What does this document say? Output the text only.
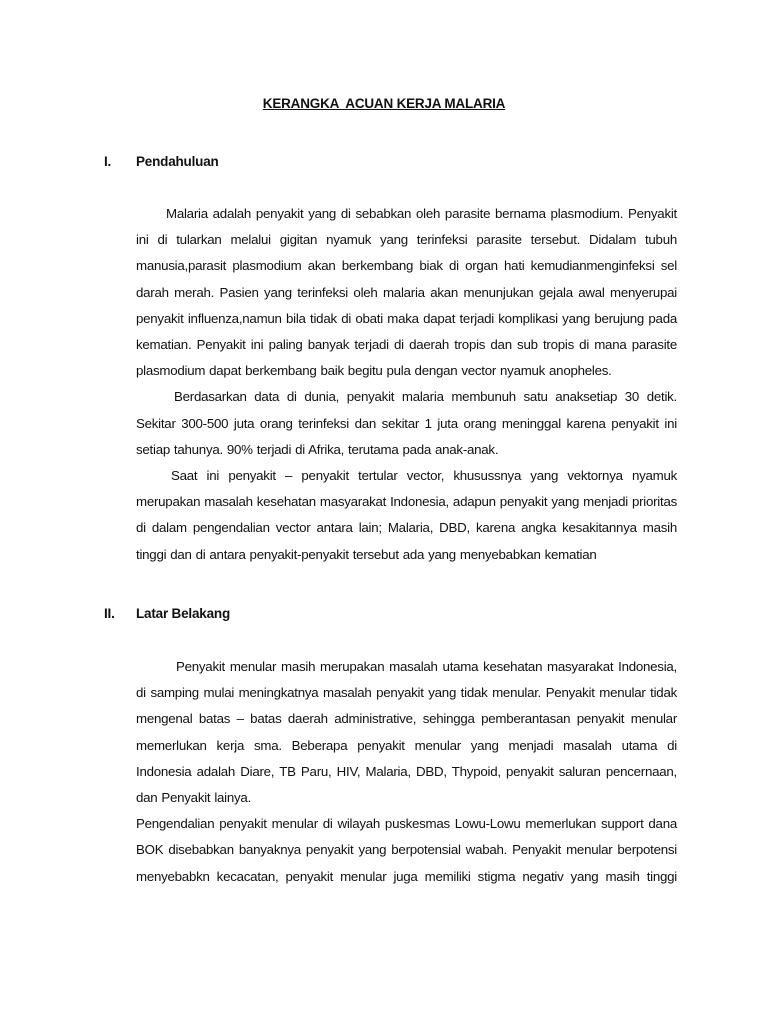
KERANGKA  ACUAN KERJA MALARIA
I. Pendahuluan

Malaria adalah penyakit yang di sebabkan oleh parasite bernama plasmodium. Penyakit ini di tularkan melalui gigitan nyamuk yang terinfeksi parasite tersebut. Didalam tubuh manusia,parasit plasmodium akan berkembang biak di organ hati kemudianmenginfeksi sel darah merah. Pasien yang terinfeksi oleh malaria akan menunjukan gejala awal menyerupai penyakit influenza,namun bila tidak di obati maka dapat terjadi komplikasi yang berujung pada kematian. Penyakit ini paling banyak terjadi di daerah tropis dan sub tropis di mana parasite plasmodium dapat berkembang baik begitu pula dengan vector nyamuk anopheles.

Berdasarkan data di dunia, penyakit malaria membunuh satu anaksetiap 30 detik. Sekitar 300-500 juta orang terinfeksi dan sekitar 1 juta orang meninggal karena penyakit ini setiap tahunya. 90% terjadi di Afrika, terutama pada anak-anak.

Saat ini penyakit – penyakit tertular vector, khusussnya yang vektornya nyamuk merupakan masalah kesehatan masyarakat Indonesia, adapun penyakit yang menjadi prioritas di dalam pengendalian vector antara lain; Malaria, DBD, karena angka kesakitannya masih tinggi dan di antara penyakit-penyakit tersebut ada yang menyebabkan kematian

II. Latar Belakang

Penyakit menular masih merupakan masalah utama kesehatan masyarakat Indonesia, di samping mulai meningkatnya masalah penyakit yang tidak menular. Penyakit menular tidak mengenal batas – batas daerah administrative, sehingga pemberantasan penyakit menular memerlukan kerja sma. Beberapa penyakit menular yang menjadi masalah utama di Indonesia adalah Diare, TB Paru, HIV, Malaria, DBD, Thypoid, penyakit saluran pencernaan, dan Penyakit lainya.

Pengendalian penyakit menular di wilayah puskesmas Lowu-Lowu memerlukan support dana BOK disebabkan banyaknya penyakit yang berpotensial wabah. Penyakit menular berpotensi menyebabkn kecacatan, penyakit menular juga memiliki stigma negativ yang masih tinggi
